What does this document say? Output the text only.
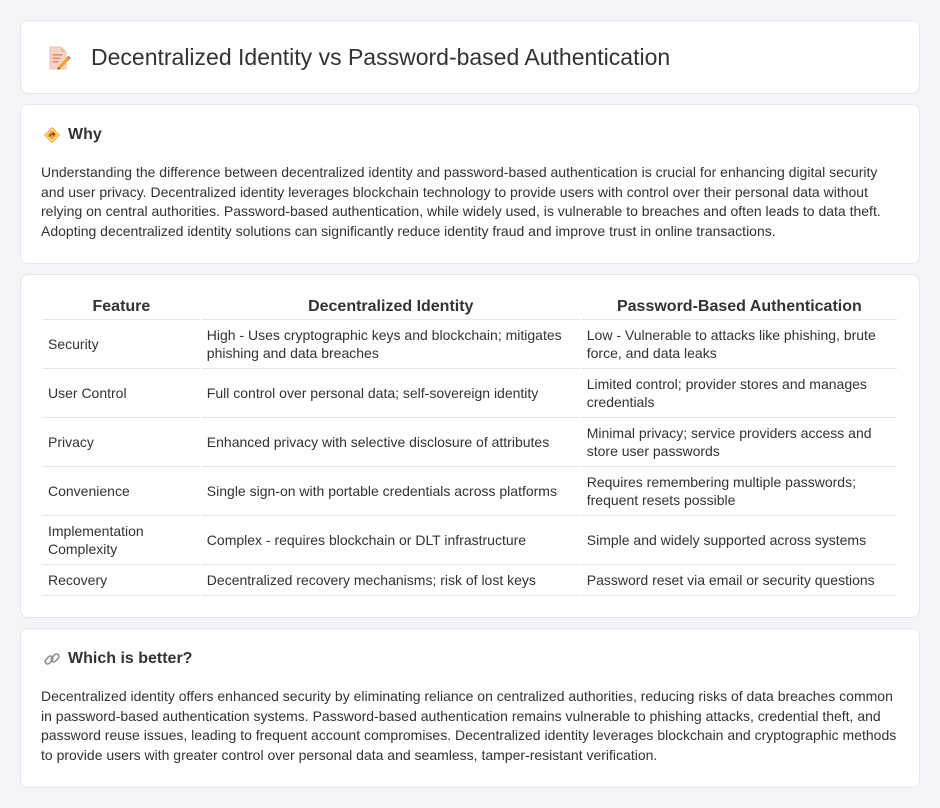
Decentralized Identity vs Password-based Authentication
Why

Understanding the difference between decentralized identity and password-based authentication is crucial for enhancing digital security and user privacy. Decentralized identity leverages blockchain technology to provide users with control over their personal data without relying on central authorities. Password-based authentication, while widely used, is vulnerable to breaches and often leads to data theft. Adopting decentralized identity solutions can significantly reduce identity fraud and improve trust in online transactions.

Feature	Decentralized Identity	Password-Based Authentication
Security	High - Uses cryptographic keys and blockchain; mitigates phishing and data breaches	Low - Vulnerable to attacks like phishing, brute force, and data leaks
User Control	Full control over personal data; self-sovereign identity	Limited control; provider stores and manages credentials
Privacy	Enhanced privacy with selective disclosure of attributes	Minimal privacy; service providers access and store user passwords
Convenience	Single sign-on with portable credentials across platforms	Requires remembering multiple passwords; frequent resets possible
Implementation Complexity	Complex - requires blockchain or DLT infrastructure	Simple and widely supported across systems
Recovery	Decentralized recovery mechanisms; risk of lost keys	Password reset via email or security questions
Which is better?

Decentralized identity offers enhanced security by eliminating reliance on centralized authorities, reducing risks of data breaches common in password-based authentication systems. Password-based authentication remains vulnerable to phishing attacks, credential theft, and password reuse issues, leading to frequent account compromises. Decentralized identity leverages blockchain and cryptographic methods to provide users with greater control over personal data and seamless, tamper-resistant verification.
